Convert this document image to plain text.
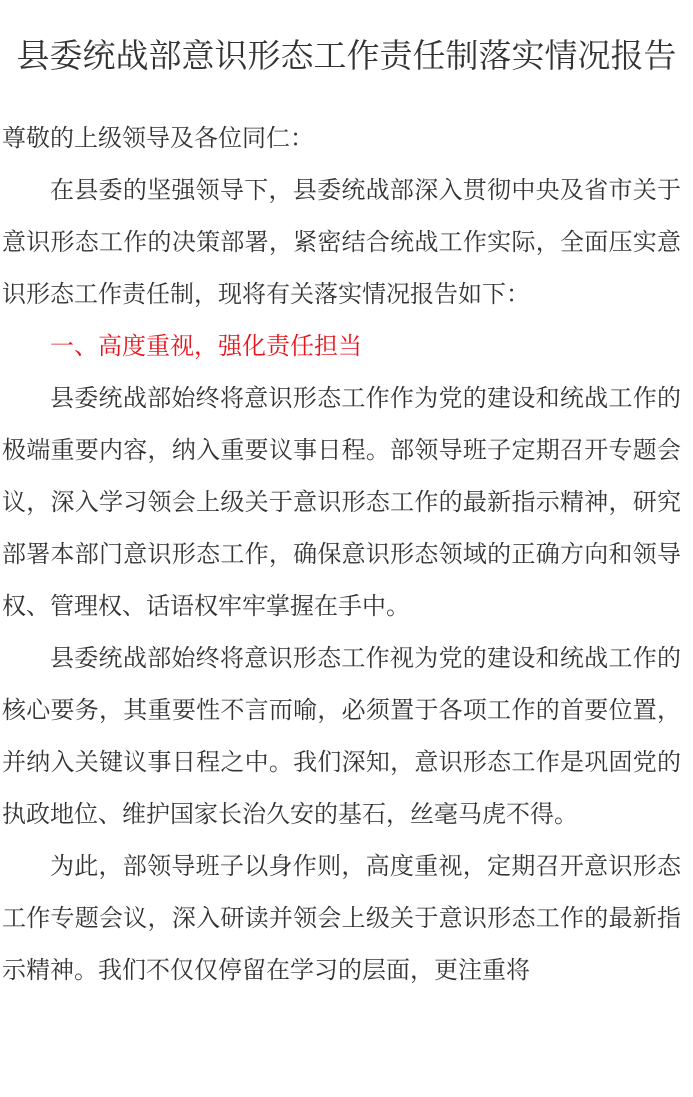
县委统战部意识形态工作责任制落实情况报告

尊敬的上级领导及各位同仁：

在县委的坚强领导下，县委统战部深入贯彻中央及省市关于意识形态工作的决策部署，紧密结合统战工作实际，全面压实意识形态工作责任制，现将有关落实情况报告如下：

一、高度重视，强化责任担当

县委统战部始终将意识形态工作作为党的建设和统战工作的极端重要内容，纳入重要议事日程。部领导班子定期召开专题会议，深入学习领会上级关于意识形态工作的最新指示精神，研究部署本部门意识形态工作，确保意识形态领域的正确方向和领导权、管理权、话语权牢牢掌握在手中。

县委统战部始终将意识形态工作视为党的建设和统战工作的核心要务，其重要性不言而喻，必须置于各项工作的首要位置，并纳入关键议事日程之中。我们深知，意识形态工作是巩固党的执政地位、维护国家长治久安的基石，丝毫马虎不得。

为此，部领导班子以身作则，高度重视，定期召开意识形态工作专题会议，深入研读并领会上级关于意识形态工作的最新指示精神。我们不仅仅停留在学习的层面，更注重将
